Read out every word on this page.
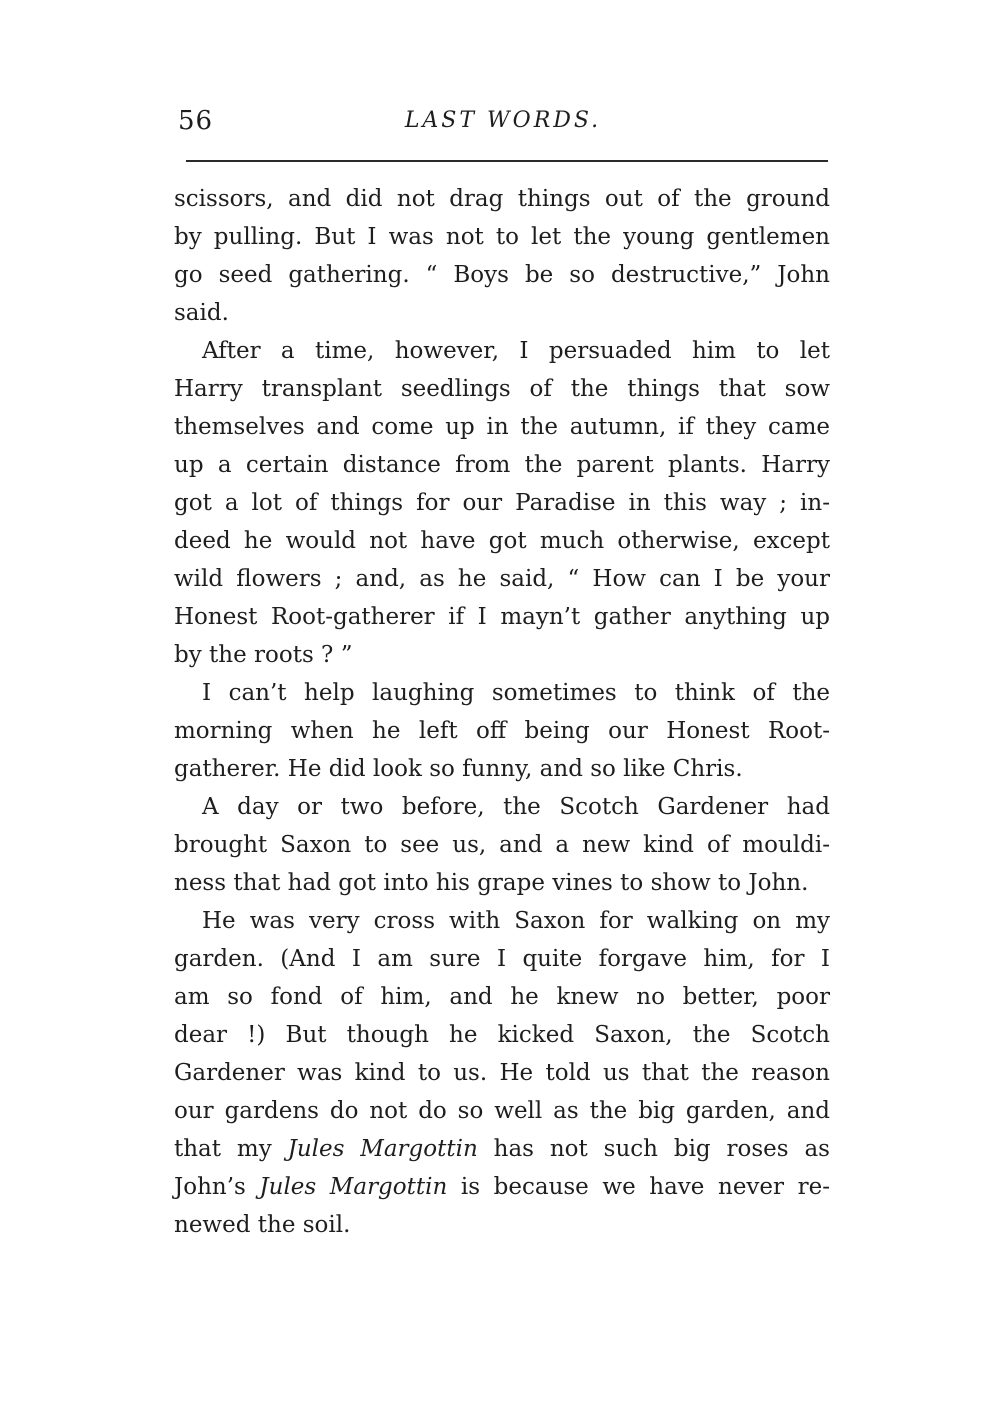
56	LAST WORDS.
scissors, and did not drag things out of the ground
by pulling. But I was not to let the young gentlemen
go seed gathering. “ Boys be so destructive,” John
said.
After a time, however, I persuaded him to let
Harry transplant seedlings of the things that sow
themselves and come up in the autumn, if they came
up a certain distance from the parent plants. Harry
got a lot of things for our Paradise in this way ; in-
deed he would not have got much otherwise, except
wild flowers ; and, as he said, “ How can I be your
Honest Root-gatherer if I mayn’t gather anything up
by the roots ? ”
I can’t help laughing sometimes to think of the
morning when he left off being our Honest Root-
gatherer. He did look so funny, and so like Chris.
A day or two before, the Scotch Gardener had
brought Saxon to see us, and a new kind of mouldi-
ness that had got into his grape vines to show to John.
He was very cross with Saxon for walking on my
garden. (And I am sure I quite forgave him, for I
am so fond of him, and he knew no better, poor
dear !) But though he kicked Saxon, the Scotch
Gardener was kind to us. He told us that the reason
our gardens do not do so well as the big garden, and
that my Jules Margottin has not such big roses as
John’s Jules Margottin is because we have never re-
newed the soil.
